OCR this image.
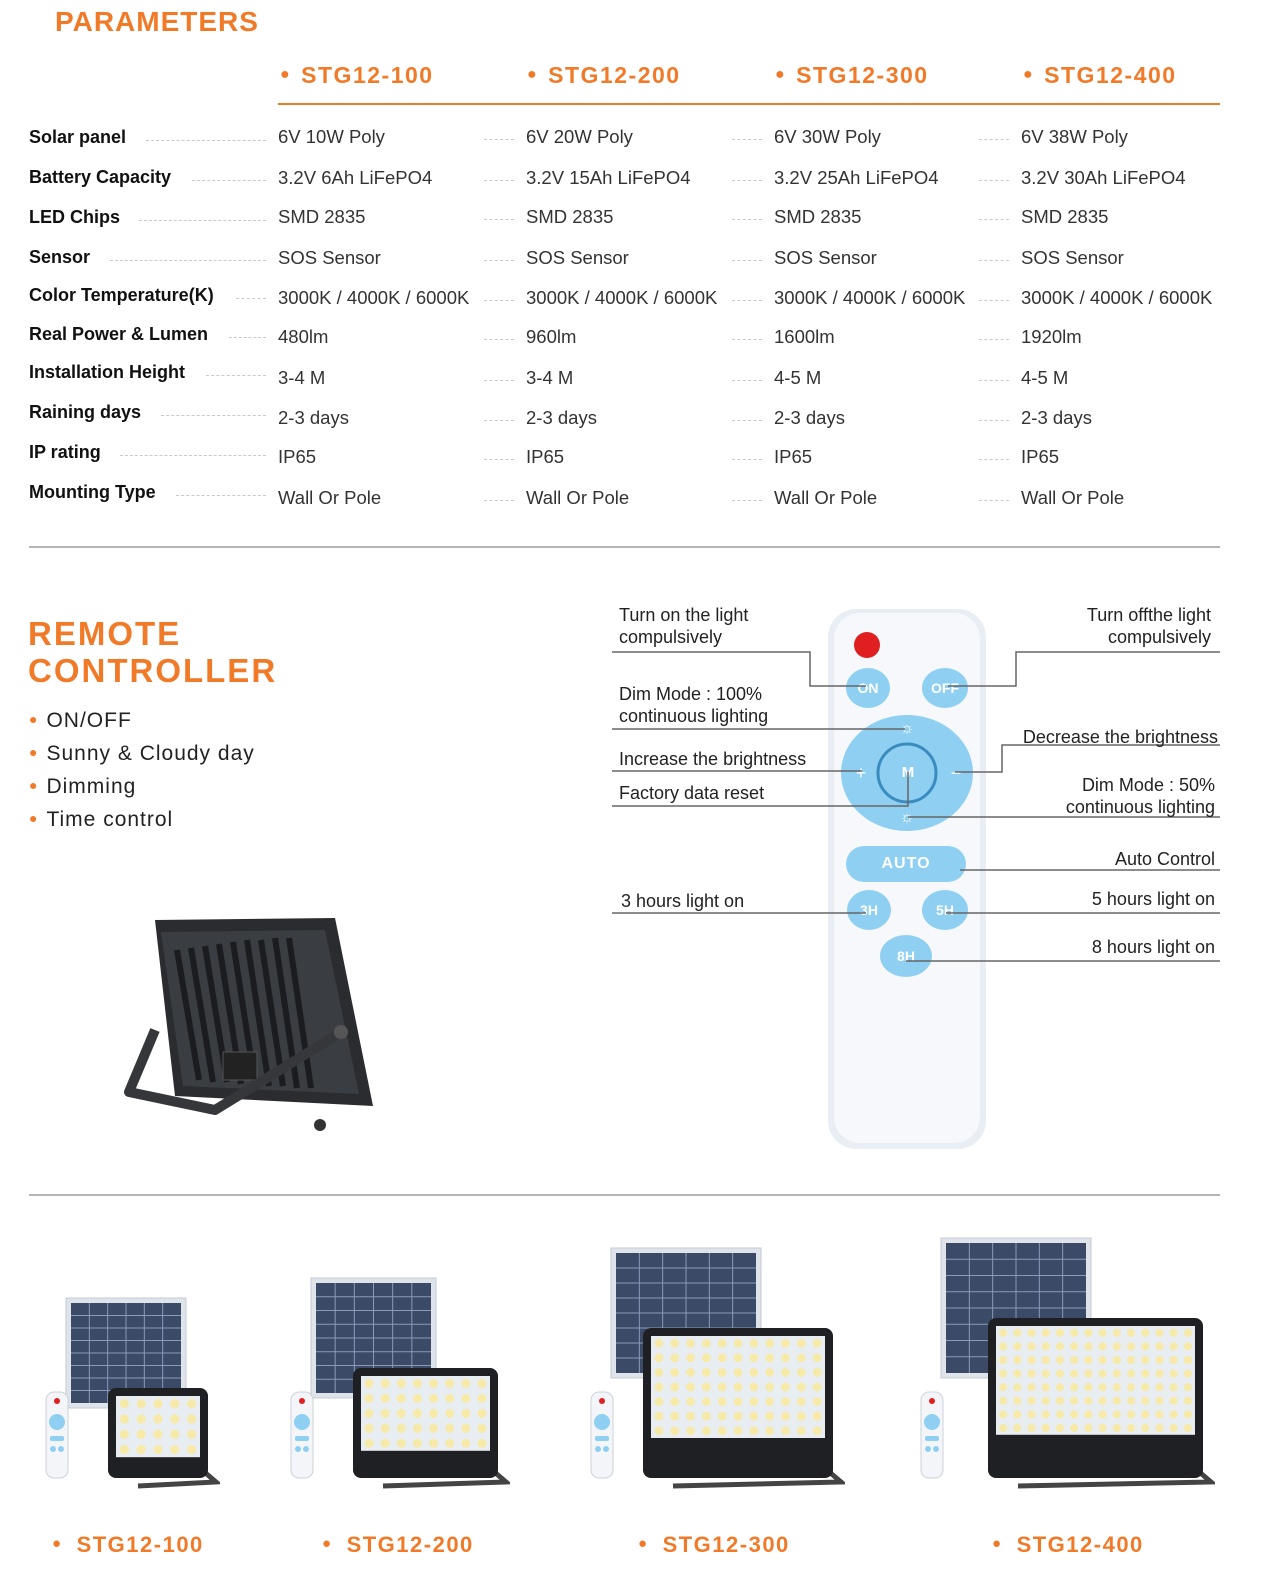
PARAMETERS
● STG12-100	● STG12-200	● STG12-300	● STG12-400
Solar panel	6V 10W Poly	6V 20W Poly	6V 30W Poly	6V 38W Poly
Battery Capacity	3.2V 6Ah LiFePO4	3.2V 15Ah LiFePO4	3.2V 25Ah LiFePO4	3.2V 30Ah LiFePO4
LED Chips	SMD 2835	SMD 2835	SMD 2835	SMD 2835
Sensor	SOS Sensor	SOS Sensor	SOS Sensor	SOS Sensor
Color Temperature(K)	3000K / 4000K / 6000K	3000K / 4000K / 6000K	3000K / 4000K / 6000K	3000K / 4000K / 6000K
Real Power & Lumen	480lm	960lm	1600lm	1920lm
Installation Height	3-4 M	3-4 M	4-5 M	4-5 M
Raining days	2-3 days	2-3 days	2-3 days	2-3 days
IP rating	IP65	IP65	IP65	IP65
Mounting Type	Wall Or Pole	Wall Or Pole	Wall Or Pole	Wall Or Pole
REMOTE
CONTROLLER
● ON/OFF
● Sunny & Cloudy day
● Dimming
● Time control
ON	OFF
M
☼
☼
+	−
AUTO
3H	5H
8H
Turn on the light
compulsively
Dim Mode : 100%
continuous lighting
Increase the brightness
Factory data reset
3 hours light on
Turn offthe light
compulsively
Decrease the brightness
Dim Mode : 50%
continuous lighting
Auto Control
5 hours light on
8 hours light on
● STG12-100	● STG12-200	● STG12-300	● STG12-400
